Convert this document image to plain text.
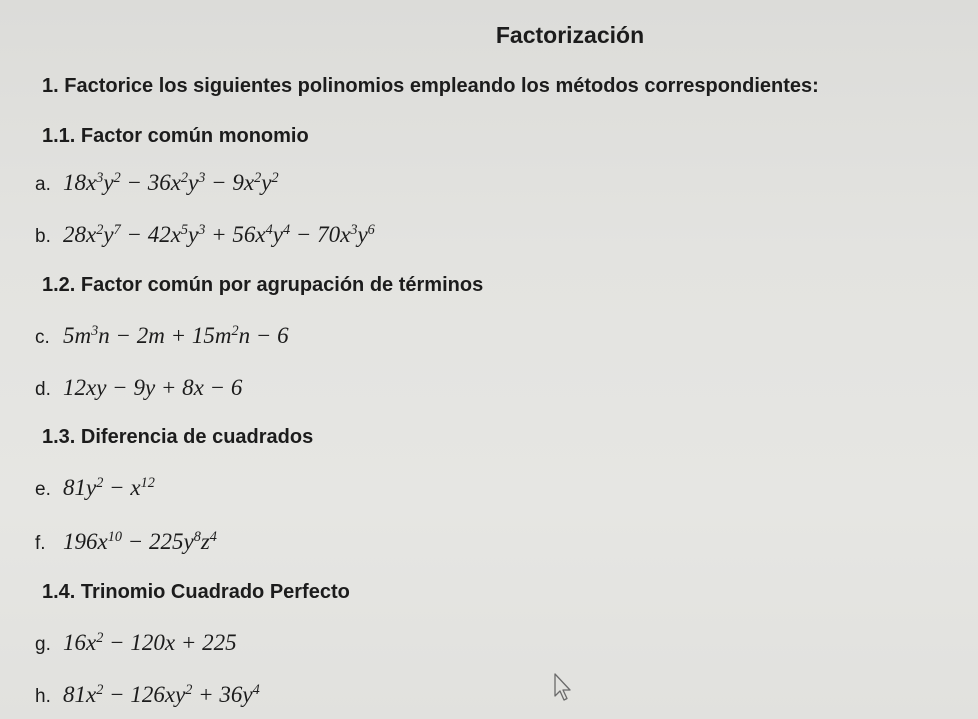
Factorización
1. Factorice los siguientes polinomios empleando los métodos correspondientes:
1.1. Factor común monomio
a. $18x^3y^2 - 36x^2y^3 - 9x^2y^2$
b. $28x^2y^7 - 42x^5y^3 + 56x^4y^4 - 70x^3y^6$
1.2. Factor común por agrupación de términos
c. $5m^3n - 2m + 15m^2n - 6$
d. 12xy − 9y + 8x − 6
1.3. Diferencia de cuadrados
e. $81y^2 - x^{12}$
f. $196x^{10} - 225y^8z^4$
1.4. Trinomio Cuadrado Perfecto
g. $16x^2 - 120x + 225$
h. $81x^2 - 126xy^2 + 36y^4$
